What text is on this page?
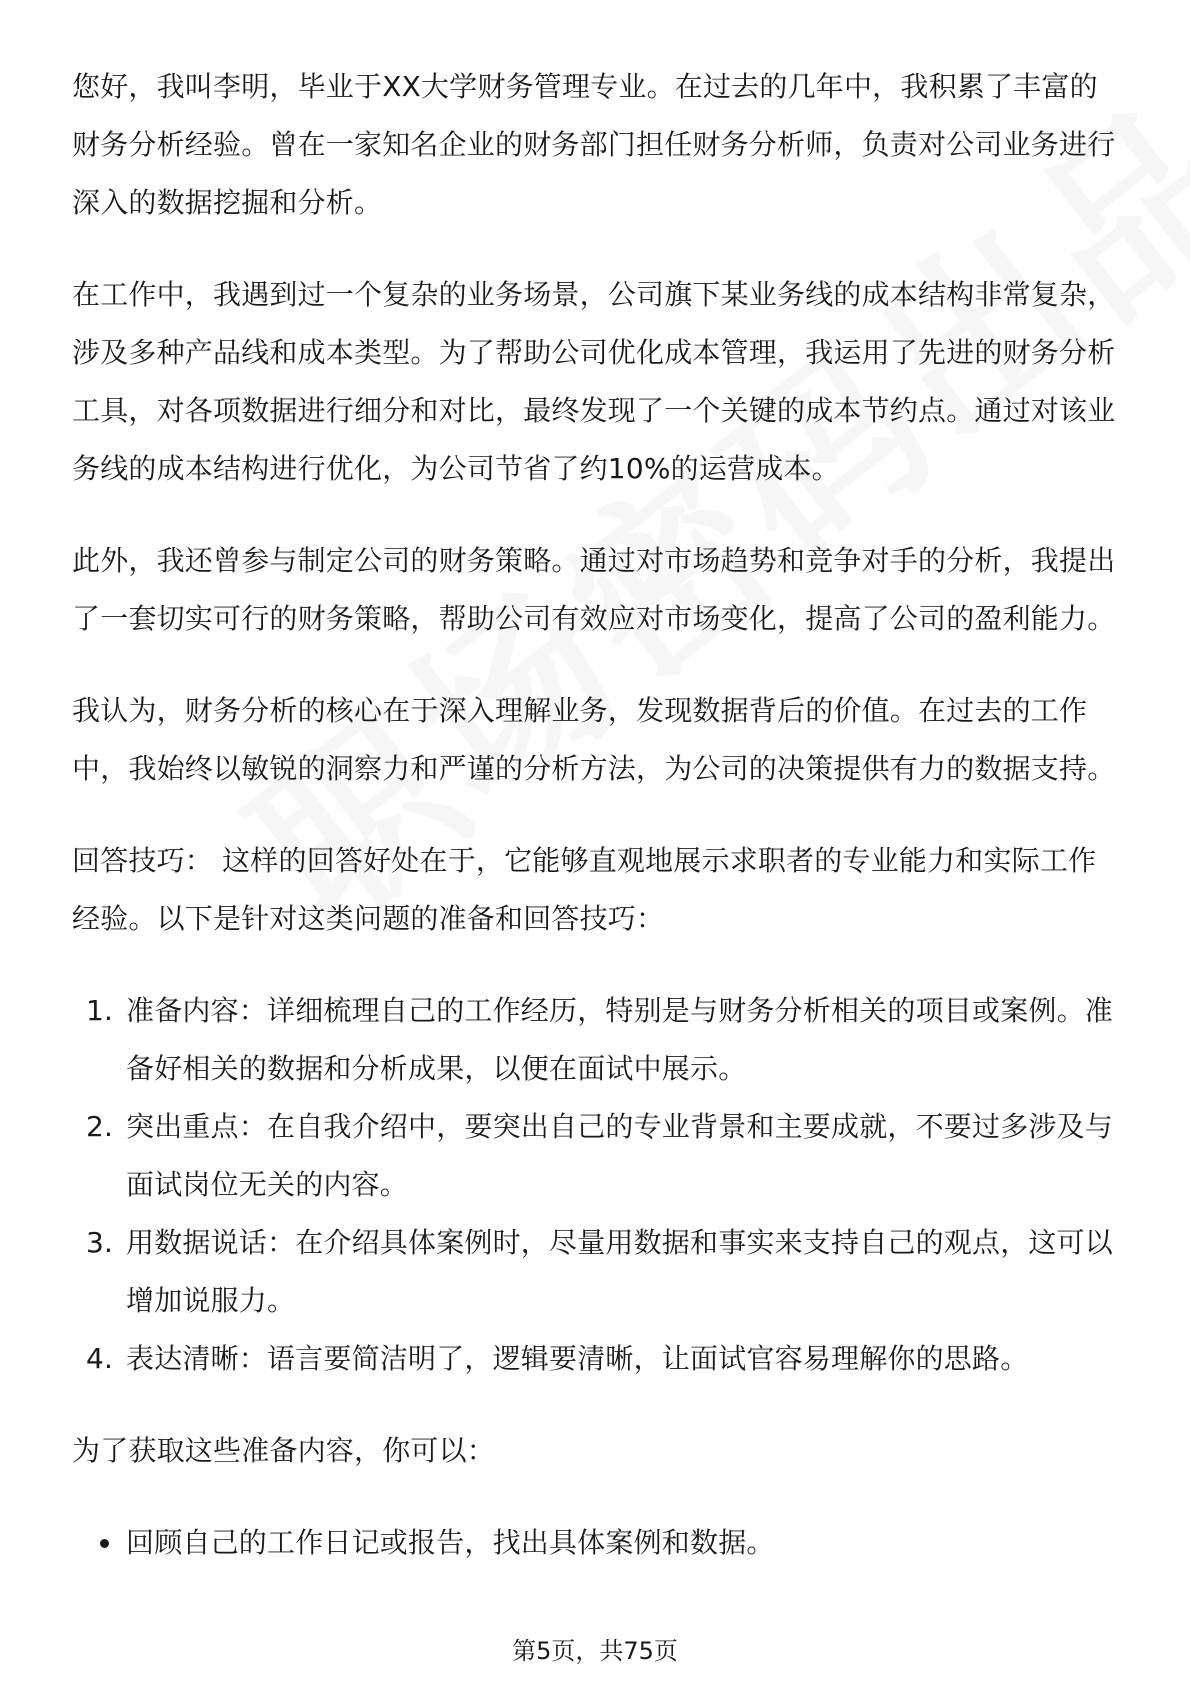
您好，我叫李明，毕业于XX大学财务管理专业。在过去的几年中，我积累了丰富的财务分析经验。曾在一家知名企业的财务部门担任财务分析师，负责对公司业务进行深入的数据挖掘和分析。

在工作中，我遇到过一个复杂的业务场景，公司旗下某业务线的成本结构非常复杂，涉及多种产品线和成本类型。为了帮助公司优化成本管理，我运用了先进的财务分析工具，对各项数据进行细分和对比，最终发现了一个关键的成本节约点。通过对该业务线的成本结构进行优化，为公司节省了约10%的运营成本。

此外，我还曾参与制定公司的财务策略。通过对市场趋势和竞争对手的分析，我提出了一套切实可行的财务策略，帮助公司有效应对市场变化，提高了公司的盈利能力。

我认为，财务分析的核心在于深入理解业务，发现数据背后的价值。在过去的工作中，我始终以敏锐的洞察力和严谨的分析方法，为公司的决策提供有力的数据支持。

回答技巧： 这样的回答好处在于，它能够直观地展示求职者的专业能力和实际工作经验。以下是针对这类问题的准备和回答技巧：

1. 准备内容：详细梳理自己的工作经历，特别是与财务分析相关的项目或案例。准备好相关的数据和分析成果，以便在面试中展示。
2. 突出重点：在自我介绍中，要突出自己的专业背景和主要成就，不要过多涉及与面试岗位无关的内容。
3. 用数据说话：在介绍具体案例时，尽量用数据和事实来支持自己的观点，这可以增加说服力。
4. 表达清晰：语言要简洁明了，逻辑要清晰，让面试官容易理解你的思路。

为了获取这些准备内容，你可以：

回顾自己的工作日记或报告，找出具体案例和数据。
第5页，共75页
